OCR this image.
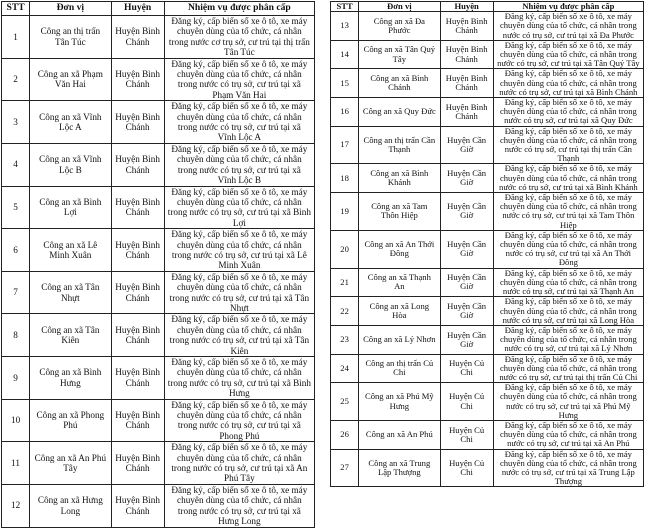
STT	Đơn vị	Huyện	Nhiệm vụ được phân cấp
1	Công an thị trấn Tân Túc	Huyện Bình Chánh	Đăng ký, cấp biển số xe ô tô, xe máy chuyên dùng của tổ chức, cá nhân trong nước cơ trụ sở, cư trú tại thị trấn Tân Túc
2	Công an xã Phạm Văn Hai	Huyện Bình Chánh	Đăng ký, cấp biển số xe ô tô, xe máy chuyên dùng của tổ chức, cá nhân trong nước có trụ sở, cư trú tại xã Phạm Văn Hai
3	Công an xã Vĩnh Lộc A	Huyện Bình Chánh	Đăng ký, cấp biển số xe ô tô, xe máy chuyên dùng của tổ chức, cá nhân trong nước có trụ sở, cư trú tại xã Vĩnh Lộc A
4	Công an xã Vĩnh Lộc B	Huyện Bình Chánh	Đăng ký, cấp biển số xe ô tô, xe máy chuyên dùng của tổ chức, cá nhân trong nước có trụ sở, cư trú tại xã Vĩnh Lộc B
5	Công an xã Bình Lợi	Huyện Bình Chánh	Đăng ký, cấp biển số xe ô tô, xe máy chuyên dùng của tổ chức, cá nhân trong nước có trụ sở, cư trú tại xã Bình Lợi
6	Công an xã Lê Minh Xuân	Huyện Bình Chánh	Đăng ký, cấp biển số xe ô tô, xe máy chuyên dùng của tổ chức, cá nhân trong nước có trụ sở, cư trú tại xã Lê Minh Xuân
7	Công an xã Tân Nhựt	Huyện Bình Chánh	Đăng ký, cấp biển số xe ô tô, xe máy chuyên dùng của tổ chức, cá nhân trong nước có trụ sở, cư trú tại xã Tân Nhựt
8	Công an xã Tân Kiên	Huyện Bình Chánh	Đăng ký, cấp biển số xe ô tô, xe máy chuyên dùng của tổ chức, cá nhân trong nước có trụ sở, cư trú tại xã Tân Kiên
9	Công an xã Bình Hưng	Huyện Bình Chánh	Đăng ký, cấp biển số xe ô tô, xe máy chuyên dùng của tổ chức, cá nhân trong nước có trụ sở, cư trú tại xã Bình Hưng
10	Công an xã Phong Phú	Huyện Bình Chánh	Đăng ký, cấp biển số xe ô tô, xe máy chuyên dùng của tổ chức, cá nhân trong nước có trụ sở, cư trú tại xã Phong Phú
11	Công an xã An Phú Tây	Huyện Bình Chánh	Đăng ký, cấp biển số xe ô tô, xe máy chuyên dùng của tổ chức, cá nhân trong nước có trụ sở, cư trú tại xã An Phú Tây
12	Công an xã Hưng Long	Huyện Bình Chánh	Đăng ký, cấp biển số xe ô tô, xe máy chuyên dùng của tổ chức, cá nhân trong nước có trụ sở, cư trú tại xã Hưng Long
STT	Đơn vị	Huyện	Nhiệm vụ được phân cấp
13	Công an xã Đa Phước	Huyện Bình Chánh	Đăng ký, cấp biển số xe ô tô, xe máy chuyên dùng của tổ chức, cá nhân trong nước có trụ sở, cư trú tại xã Đa Phước
14	Công an xã Tân Quý Tây	Huyện Bình Chánh	Đăng ký, cấp biển số xe ô tô, xe máy chuyên dùng của tổ chức, cá nhân trong nước có trụ sở, cư trú tại xã Tân Quý Tây
15	Công an xã Bình Chánh	Huyện Bình Chánh	Đăng ký, cấp biển số xe ô tô, xe máy chuyên dùng của tổ chức, cá nhân trong nước có trụ sở, cư trú tại xã Bình Chánh
16	Công an xã Quy Đức	Huyện Bình Chánh	Đăng ký, cấp biển số xe ô tô, xe máy chuyên dùng của tổ chức, cá nhân trong nước có trụ sở, cư trú tại xã Quy Đức
17	Công an thị trấn Cần Thạnh	Huyện Cần Giờ	Đăng ký, cấp biển số xe ô tô, xe máy chuyên dùng của tổ chức, cá nhân trong nước có trụ sở, cư trú tại thị trấn Cần Thạnh
18	Công an xã Bình Khánh	Huyện Cần Giờ	Đăng ký, cấp biển số xe ô tô, xe máy chuyên dùng của tổ chức, cá nhân trong nước có trụ sở, cư trú tại xã Bình Khánh
19	Công an xã Tam Thôn Hiệp	Huyện Cần Giờ	Đăng ký, cấp biển số xe ô tô, xe máy chuyên dùng của tổ chức, cá nhân trong nước có trụ sở, cư trú tại xã Tam Thôn Hiệp
20	Công an xã An Thới Đông	Huyện Cần Giờ	Đăng ký, cấp biển số xe ô tô, xe máy chuyên dùng của tổ chức, cá nhân trong nước có trụ sở, cư trú tại xã An Thới Đông
21	Công an xã Thạnh An	Huyện Cần Giờ	Đăng ký, cấp biển số xe ô tô, xe máy chuyên dùng của tổ chức, cá nhân trong nước có trụ sở, cư trú tại xã Thạnh An
22	Công an xã Long Hòa	Huyện Cần Giờ	Đăng ký, cấp biển số xe ô tô, xe máy chuyên dùng của tổ chức, cá nhân trong nước có trụ sở, cư trú tại xã Long Hòa
23	Công an xã Lý Nhơn	Huyện Cần Giờ	Đăng ký, cấp biển số xe ô tô, xe máy chuyên dùng của tổ chức, cá nhân trong nước có trụ sở, cư trú tại xã Lý Nhơn
24	Công an thị trấn Củ Chi	Huyện Củ Chi	Đăng ký, cấp biển số xe ô tô, xe máy chuyên dùng của tổ chức, cá nhân trong nước có trụ sở, cư trú tại thị trấn Củ Chi
25	Công an xã Phú Mỹ Hưng	Huyện Củ Chi	Đăng ký, cấp biển số xe ô tô, xe máy chuyên dùng của tổ chức, cá nhân trong nước có trụ sở, cư trú tại xã Phú Mỹ Hưng
26	Công an xã An Phú	Huyện Củ Chi	Đăng ký, cấp biển số xe ô tô, xe máy chuyên dùng của tổ chức, cá nhân trong nước có trụ sở, cư trú tại xã An Phú
27	Công an xã Trung Lập Thượng	Huyện Củ Chi	Đăng ký, cấp biển số xe ô tô, xe máy chuyên dùng của tổ chức, cá nhân trong nước có trụ sở, cư trú tại xã Trung Lập Thượng
